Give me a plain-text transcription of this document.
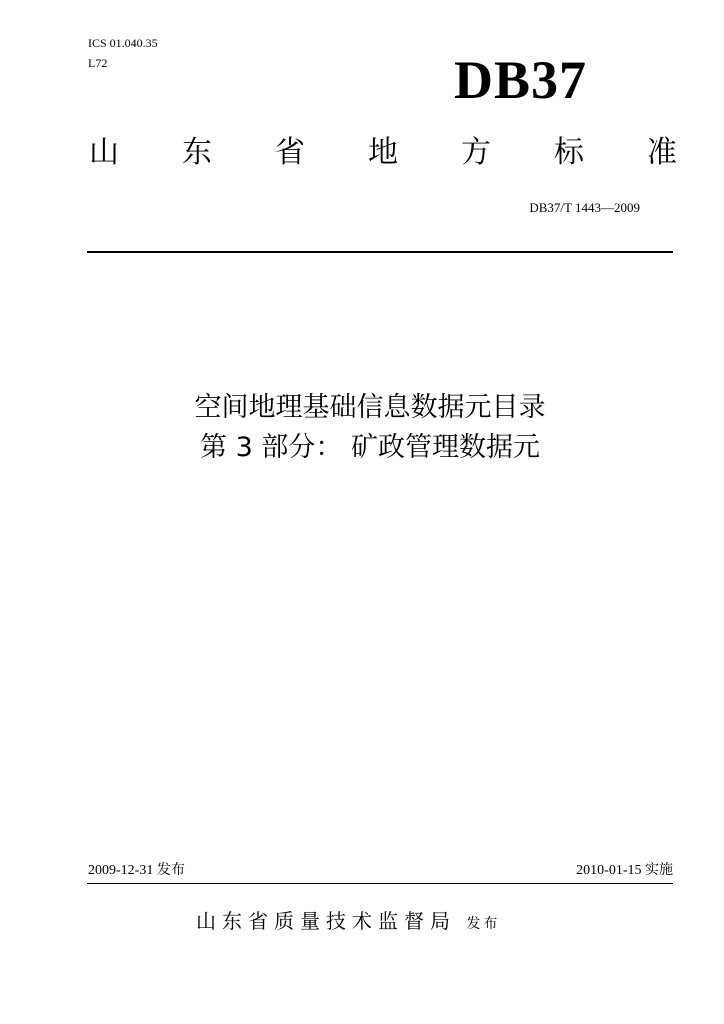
ICS 01.040.35
L72	DB37
山 东 省 地 方 标 准
DB37/T 1443—2009
空间地理基础信息数据元目录
第 3 部分： 矿政管理数据元
2009-12-31 发布	2010-01-15 实施
山东省质量技术监督局 发布
